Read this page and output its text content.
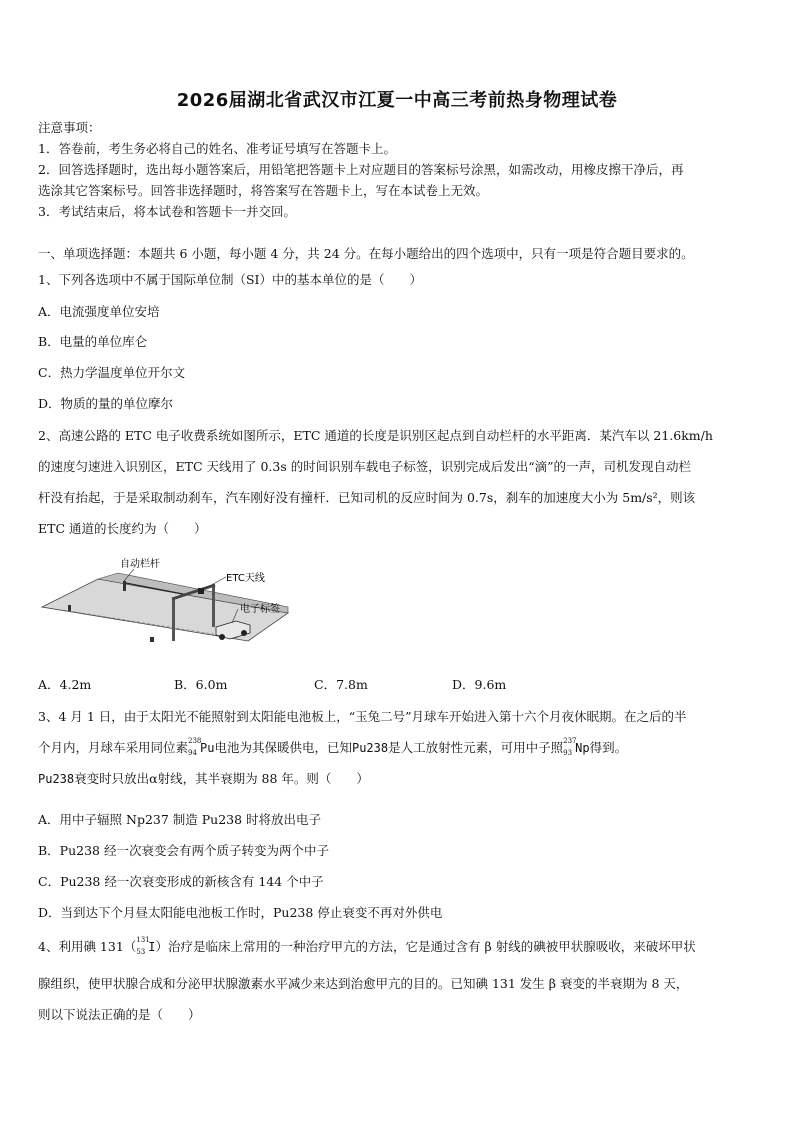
2026届湖北省武汉市江夏一中高三考前热身物理试卷
注意事项：
1．答卷前，考生务必将自己的姓名、准考证号填写在答题卡上。
2．回答选择题时，选出每小题答案后，用铅笔把答题卡上对应题目的答案标号涂黑，如需改动，用橡皮擦干净后，再
选涂其它答案标号。回答非选择题时，将答案写在答题卡上，写在本试卷上无效。
3．考试结束后，将本试卷和答题卡一并交回。
一、单项选择题：本题共 6 小题，每小题 4 分，共 24 分。在每小题给出的四个选项中，只有一项是符合题目要求的。
1、下列各选项中不属于国际单位制（SI）中的基本单位的是（　　）
A．电流强度单位安培
B．电量的单位库仑
C．热力学温度单位开尔文
D．物质的量的单位摩尔
2、高速公路的 ETC 电子收费系统如图所示，ETC 通道的长度是识别区起点到自动栏杆的水平距离．某汽车以 21.6km/h
的速度匀速进入识别区，ETC 天线用了 0.3s 的时间识别车载电子标签，识别完成后发出“滴”的一声，司机发现自动栏
杆没有抬起，于是采取制动刹车，汽车刚好没有撞杆．已知司机的反应时间为 0.7s，刹车的加速度大小为 5m/s²，则该
ETC 通道的长度约为（　　）
自动栏杆
ETC天线
电子标签
A．4.2m	B．6.0m	C．7.8m	D．9.6m
3、4 月 1 日，由于太阳光不能照射到太阳能电池板上，“玉兔二号”月球车开始进入第十六个月夜休眠期。在之后的半
个月内，月球车采用同位素 238
94 Pu电池为其保暖供电，已知Pu238是人工放射性元素，可用中子照 237
93 Np得到。
Pu238衰变时只放出α射线，其半衰期为 88 年。则（　　）
A．用中子辐照 Np237 制造 Pu238 时将放出电子
B．Pu238 经一次衰变会有两个质子转变为两个中子
C．Pu238 经一次衰变形成的新核含有 144 个中子
D．当到达下个月昼太阳能电池板工作时，Pu238 停止衰变不再对外供电
4、利用碘 131（ 131
53 I）治疗是临床上常用的一种治疗甲亢的方法，它是通过含有 β 射线的碘被甲状腺吸收，来破坏甲状
腺组织，使甲状腺合成和分泌甲状腺激素水平减少来达到治愈甲亢的目的。已知碘 131 发生 β 衰变的半衰期为 8 天，
则以下说法正确的是（　　）
